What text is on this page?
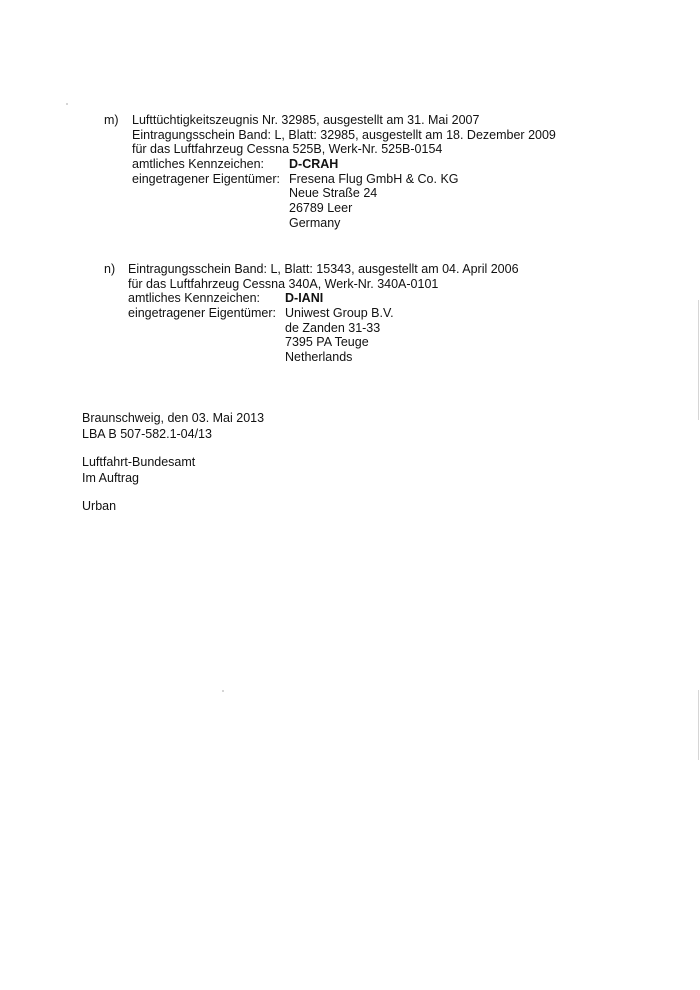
m) Lufttüchtigkeitszeugnis Nr. 32985, ausgestellt am 31. Mai 2007
Eintragungsschein Band: L, Blatt: 32985, ausgestellt am 18. Dezember 2009
für das Luftfahrzeug Cessna 525B, Werk-Nr. 525B-0154
amtliches Kennzeichen:	D-CRAH
eingetragener Eigentümer: Fresena Flug GmbH & Co. KG
Neue Straße 24
26789 Leer
Germany
n) Eintragungsschein Band: L, Blatt: 15343, ausgestellt am 04. April 2006
für das Luftfahrzeug Cessna 340A, Werk-Nr. 340A-0101
amtliches Kennzeichen:	D-IANI
eingetragener Eigentümer: Uniwest Group B.V.
de Zanden 31-33
7395 PA Teuge
Netherlands
Braunschweig, den 03. Mai 2013
LBA B 507-582.1-04/13
Luftfahrt-Bundesamt
Im Auftrag
Urban
